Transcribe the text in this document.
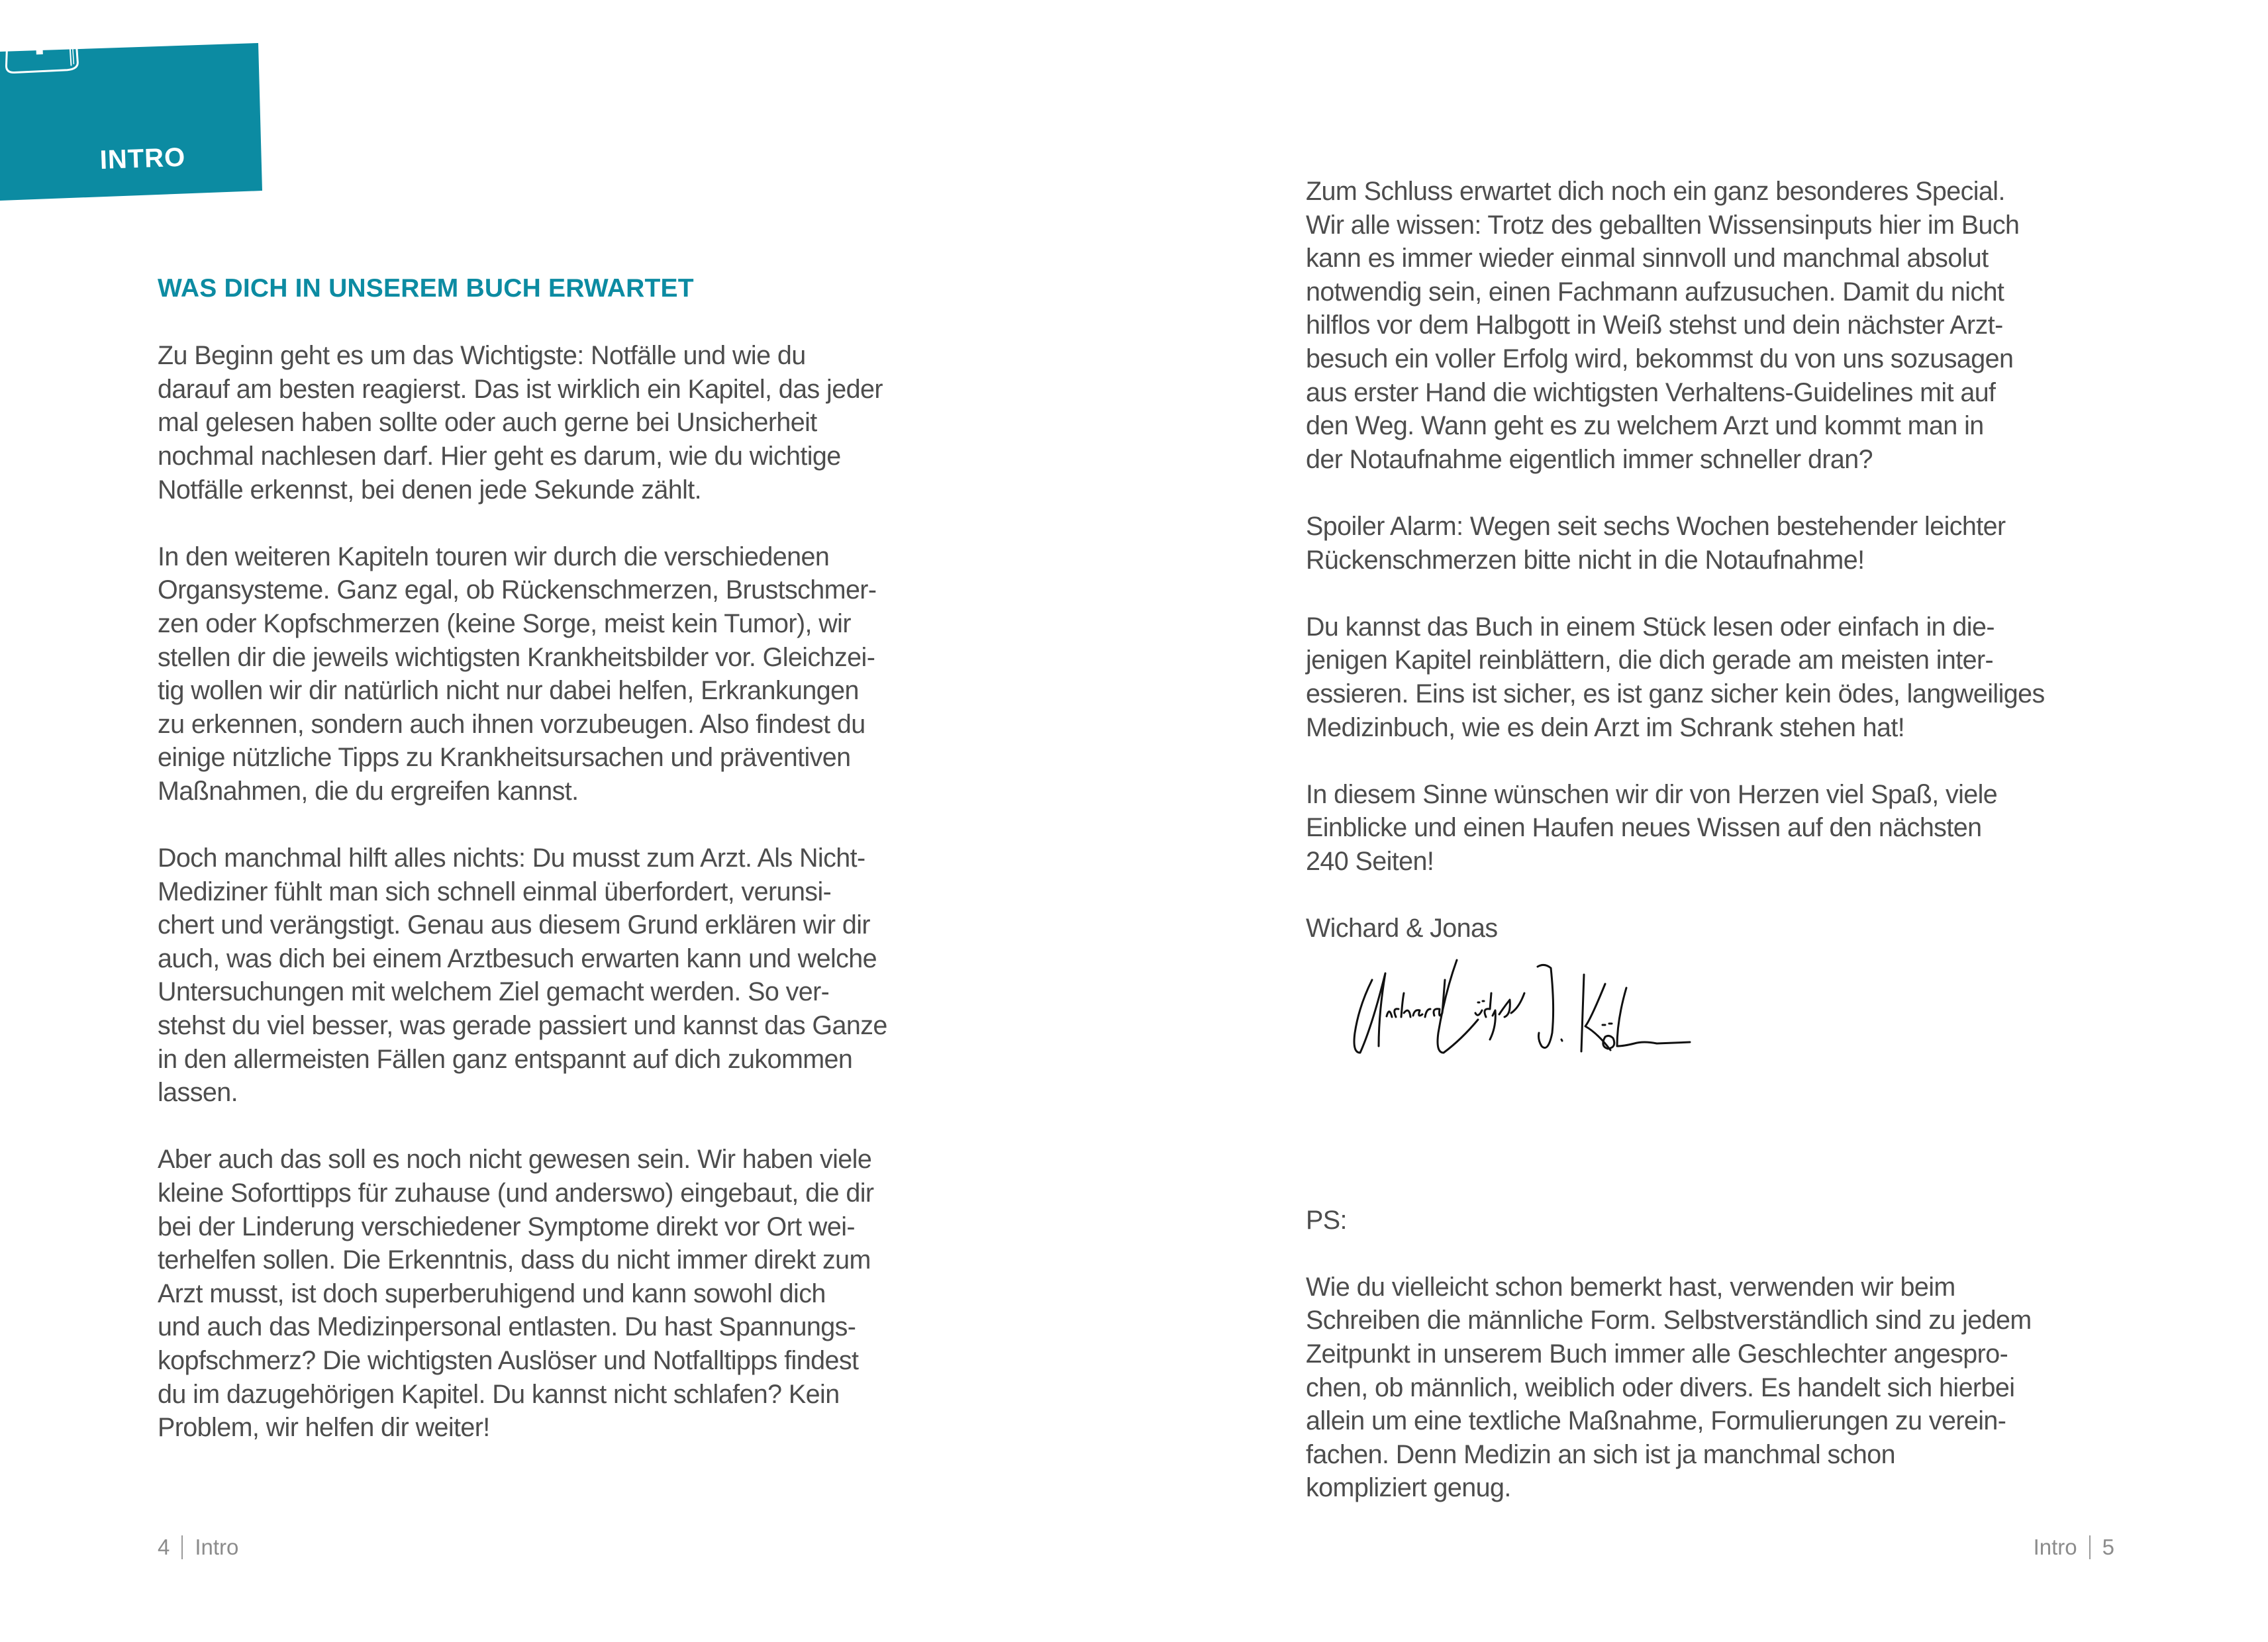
INTRO
WAS DICH IN UNSEREM BUCH ERWARTET

Zu Beginn geht es um das Wichtigste: Notfälle und wie du
darauf am besten reagierst. Das ist wirklich ein Kapitel, das jeder
mal gelesen haben sollte oder auch gerne bei Unsicherheit
nochmal nachlesen darf. Hier geht es darum, wie du wichtige
Notfälle erkennst, bei denen jede Sekunde zählt.

In den weiteren Kapiteln touren wir durch die verschiedenen
Organsysteme. Ganz egal, ob Rückenschmerzen, Brustschmer-
zen oder Kopfschmerzen (keine Sorge, meist kein Tumor), wir
stellen dir die jeweils wichtigsten Krankheitsbilder vor. Gleichzei-
tig wollen wir dir natürlich nicht nur dabei helfen, Erkrankungen
zu erkennen, sondern auch ihnen vorzubeugen. Also findest du
einige nützliche Tipps zu Krankheitsursachen und präventiven
Maßnahmen, die du ergreifen kannst.

Doch manchmal hilft alles nichts: Du musst zum Arzt. Als Nicht-
Mediziner fühlt man sich schnell einmal überfordert, verunsi-
chert und verängstigt. Genau aus diesem Grund erklären wir dir
auch, was dich bei einem Arztbesuch erwarten kann und welche
Untersuchungen mit welchem Ziel gemacht werden. So ver-
stehst du viel besser, was gerade passiert und kannst das Ganze
in den allermeisten Fällen ganz entspannt auf dich zukommen
lassen.

Aber auch das soll es noch nicht gewesen sein. Wir haben viele
kleine Soforttipps für zuhause (und anderswo) eingebaut, die dir
bei der Linderung verschiedener Symptome direkt vor Ort wei-
terhelfen sollen. Die Erkenntnis, dass du nicht immer direkt zum
Arzt musst, ist doch superberuhigend und kann sowohl dich
und auch das Medizinpersonal entlasten. Du hast Spannungs-
kopfschmerz? Die wichtigsten Auslöser und Notfalltipps findest
du im dazugehörigen Kapitel. Du kannst nicht schlafen? Kein
Problem, wir helfen dir weiter!

Zum Schluss erwartet dich noch ein ganz besonderes Special.
Wir alle wissen: Trotz des geballten Wissensinputs hier im Buch
kann es immer wieder einmal sinnvoll und manchmal absolut
notwendig sein, einen Fachmann aufzusuchen. Damit du nicht
hilflos vor dem Halbgott in Weiß stehst und dein nächster Arzt-
besuch ein voller Erfolg wird, bekommst du von uns sozusagen
aus erster Hand die wichtigsten Verhaltens-Guidelines mit auf
den Weg. Wann geht es zu welchem Arzt und kommt man in
der Notaufnahme eigentlich immer schneller dran?

Spoiler Alarm: Wegen seit sechs Wochen bestehender leichter
Rückenschmerzen bitte nicht in die Notaufnahme!

Du kannst das Buch in einem Stück lesen oder einfach in die-
jenigen Kapitel reinblättern, die dich gerade am meisten inter-
essieren. Eins ist sicher, es ist ganz sicher kein ödes, langweiliges
Medizinbuch, wie es dein Arzt im Schrank stehen hat!

In diesem Sinne wünschen wir dir von Herzen viel Spaß, viele
Einblicke und einen Haufen neues Wissen auf den nächsten
240 Seiten!

Wichard & Jonas

PS:

Wie du vielleicht schon bemerkt hast, verwenden wir beim
Schreiben die männliche Form. Selbstverständlich sind zu jedem
Zeitpunkt in unserem Buch immer alle Geschlechter angespro-
chen, ob männlich, weiblich oder divers. Es handelt sich hierbei
allein um eine textliche Maßnahme, Formulierungen zu verein-
fachen. Denn Medizin an sich ist ja manchmal schon
kompliziert genug.

4 Intro	Intro 5
